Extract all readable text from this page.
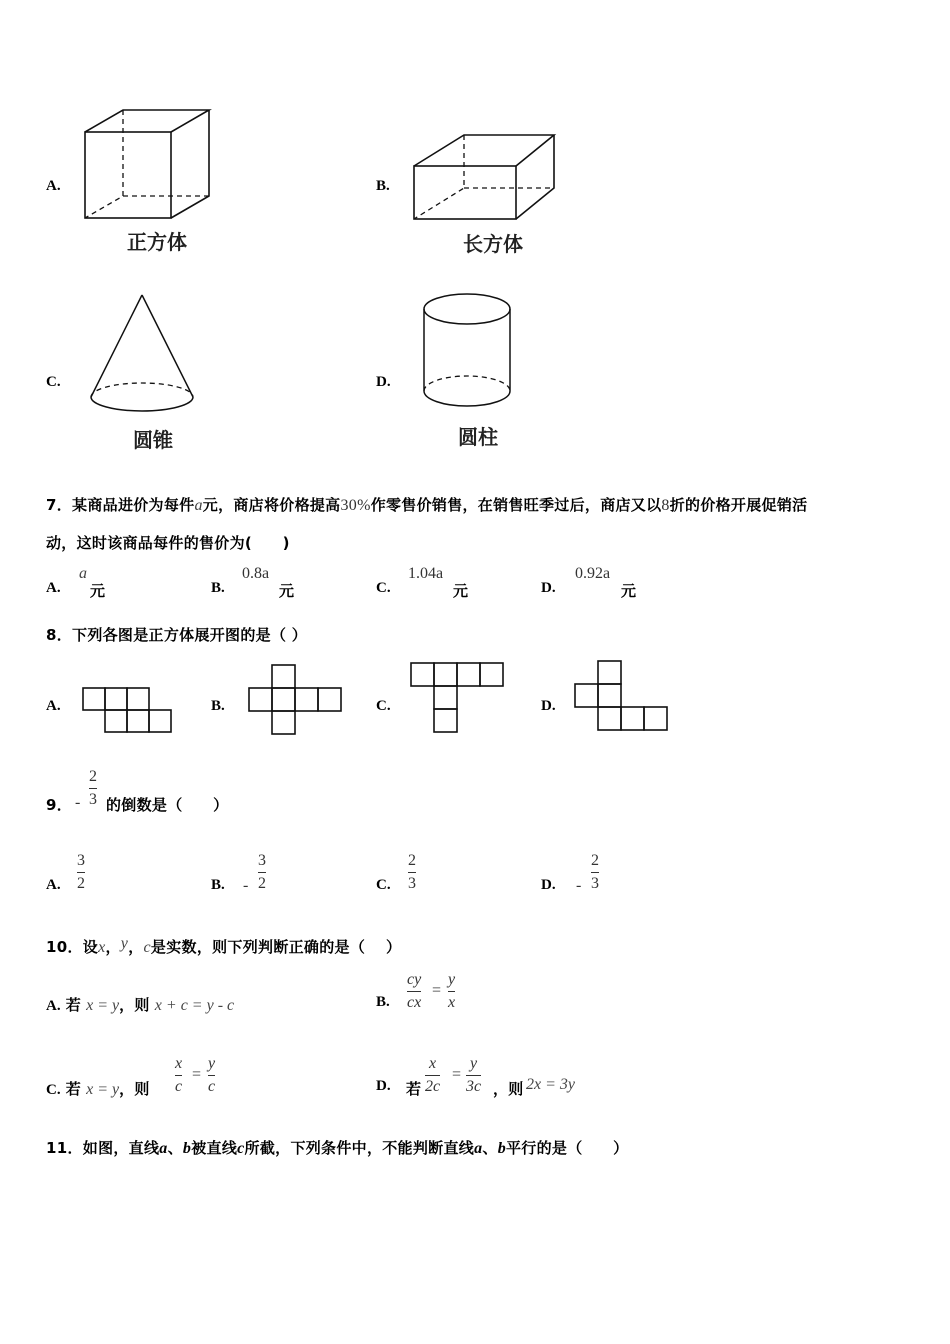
A.
正方体
B.
长方体
C.
圆锥
D.
圆柱
7．某商品进价为每件a元，商店将价格提高30%作零售价销售，在销售旺季过后，商店又以8折的价格开展促销活
动，这时该商品每件的售价为(　　)
A.
a
元	B.
0.8a
元	C.
1.04a
元	D.
0.92a
元
8．下列各图是正方体展开图的是（ ）
A.	B.	C.	D.
9． -
2
3 的倒数是（　　）
A.
3
2	B. -
3
2	C.
2
3	D. -
2
3
10．设x，y，c是实数，则下列判断正确的是（　 ）
A. 若 x = y，则 x + c = y - c	B.
cy
cx
=
y
x
C. 若 x = y，则
x
c
=
y
c	D. 若
x
2c
=
y
3c ，则 2x = 3y
11．如图，直线a、b被直线c所截，下列条件中，不能判断直线a、b平行的是（　　）
